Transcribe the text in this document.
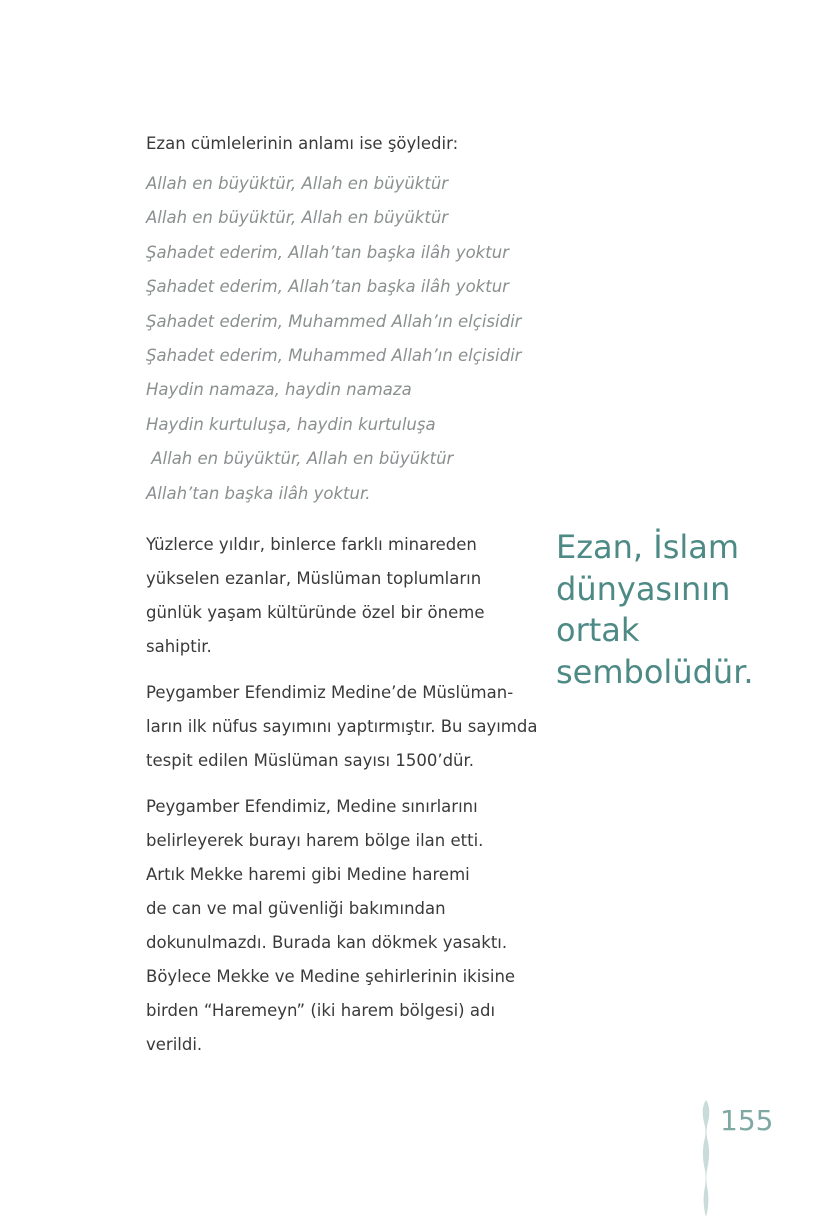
Ezan cümlelerinin anlamı ise şöyledir:

Allah en büyüktür, Allah en büyüktür
Allah en büyüktür, Allah en büyüktür
Şahadet ederim, Allah’tan başka ilâh yoktur
Şahadet ederim, Allah’tan başka ilâh yoktur
Şahadet ederim, Muhammed Allah’ın elçisidir
Şahadet ederim, Muhammed Allah’ın elçisidir
Haydin namaza, haydin namaza
Haydin kurtuluşa, haydin kurtuluşa
Allah en büyüktür, Allah en büyüktür
Allah’tan başka ilâh yoktur.

Yüzlerce yıldır, binlerce farklı minareden
yükselen ezanlar, Müslüman toplumların
günlük yaşam kültüründe özel bir öneme
sahiptir.

Peygamber Efendimiz Medine’de Müslüman-
ların ilk nüfus sayımını yaptırmıştır. Bu sayımda
tespit edilen Müslüman sayısı 1500’dür.

Peygamber Efendimiz, Medine sınırlarını
belirleyerek burayı harem bölge ilan etti.
Artık Mekke haremi gibi Medine haremi
de can ve mal güvenliği bakımından
dokunulmazdı. Burada kan dökmek yasaktı.
Böylece Mekke ve Medine şehirlerinin ikisine
birden “Haremeyn” (iki harem bölgesi) adı
verildi.

Ezan, İslam
dünyasının
ortak
sembolüdür.
155
